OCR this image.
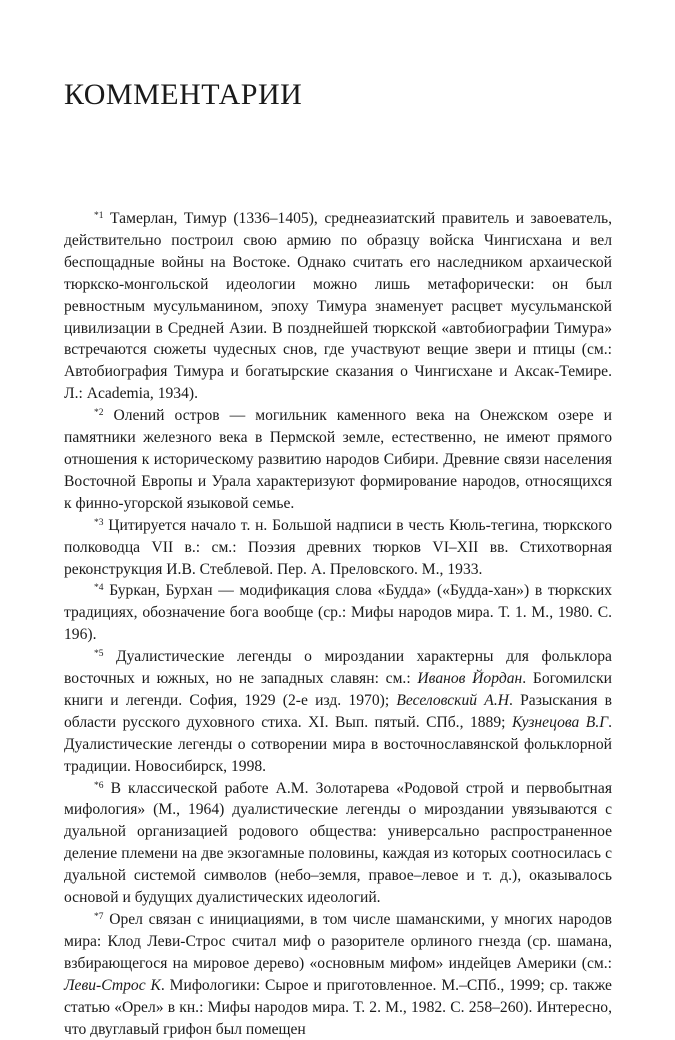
КОММЕНТАРИИ

$^{*1}$ Тамерлан, Тимур (1336–1405), среднеазиатский правитель и завоеватель, действительно построил свою армию по образцу войска Чингисхана и вел беспощадные войны на Востоке. Однако считать его наследником архаической тюркско-монгольской идеологии можно лишь метафорически: он был ревностным мусульманином, эпоху Тимура знаменует расцвет мусульманской цивилизации в Средней Азии. В позднейшей тюркской «автобиографии Тимура» встречаются сюжеты чудесных снов, где участвуют вещие звери и птицы (см.: Автобиография Тимура и богатырские сказания о Чингисхане и Аксак-Темире. Л.: Academia, 1934).

$^{*2}$ Олений остров — могильник каменного века на Онежском озере и памятники железного века в Пермской земле, естественно, не имеют прямого отношения к историческому развитию народов Сибири. Древние связи населения Восточной Европы и Урала характеризуют формирование народов, относящихся к финно-угорской языковой семье.

$^{*3}$ Цитируется начало т. н. Большой надписи в честь Кюль-тегина, тюркского полководца VII в.: см.: Поэзия древних тюрков VI–XII вв. Стихотворная реконструкция И.В. Стеблевой. Пер. А. Преловского. М., 1933.

$^{*4}$ Буркан, Бурхан — модификация слова «Будда» («Будда-хан») в тюркских традициях, обозначение бога вообще (ср.: Мифы народов мира. Т. 1. М., 1980. С. 196).

$^{*5}$ Дуалистические легенды о мироздании характерны для фольклора восточных и южных, но не западных славян: см.: Иванов Йордан. Богомилски книги и легенди. София, 1929 (2-е изд. 1970); Веселовский А.Н. Разыскания в области русского духовного стиха. XI. Вып. пятый. СПб., 1889; Кузнецова В.Г. Дуалистические легенды о сотворении мира в восточнославянской фольклорной традиции. Новосибирск, 1998.

$^{*6}$ В классической работе А.М. Золотарева «Родовой строй и первобытная мифология» (М., 1964) дуалистические легенды о мироздании увязываются с дуальной организацией родового общества: универсально распространенное деление племени на две экзогамные половины, каждая из которых соотносилась с дуальной системой символов (небо–земля, правое–левое и т. д.), оказывалось основой и будущих дуалистических идеологий.

$^{*7}$ Орел связан с инициациями, в том числе шаманскими, у многих народов мира: Клод Леви-Строс считал миф о разорителе орлиного гнезда (ср. шамана, взбирающегося на мировое дерево) «основным мифом» индейцев Америки (см.: Леви-Строс К. Мифологики: Сырое и приготовленное. М.–СПб., 1999; ср. также статью «Орел» в кн.: Мифы народов мира. Т. 2. М., 1982. С. 258–260). Интересно, что двуглавый грифон был помещен
